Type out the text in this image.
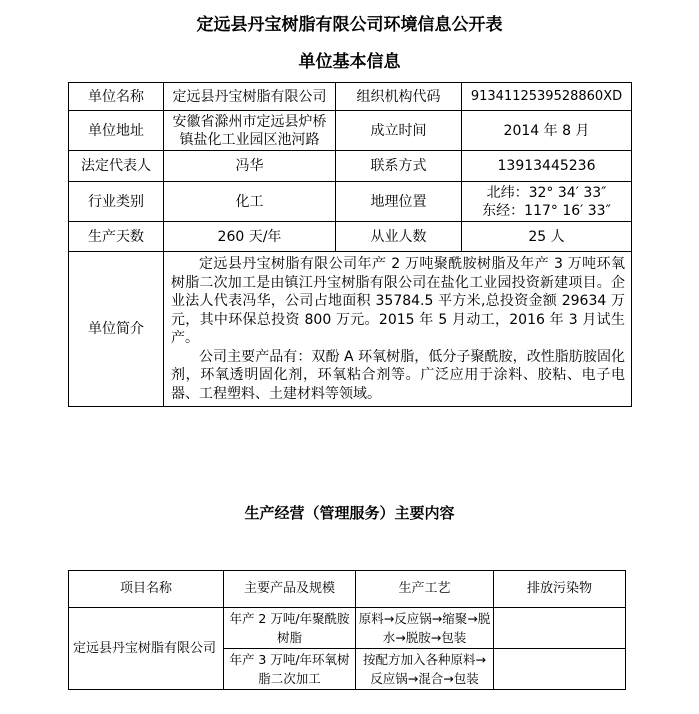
定远县丹宝树脂有限公司环境信息公开表
单位基本信息
单位名称	定远县丹宝树脂有限公司	组织机构代码	9134112539528860XD
单位地址	安徽省滁州市定远县炉桥镇盐化工业园区池河路	成立时间	2014 年 8 月
法定代表人	冯华	联系方式	13913445236
行业类别	化工	地理位置	北纬：32° 34′ 33″
东经：117° 16′ 33″

生产天数	260 天/年	从业人数	25 人
单位简介	定远县丹宝树脂有限公司年产 2 万吨聚酰胺树脂及年产 3 万吨环氧树脂二次加工是由镇江丹宝树脂有限公司在盐化工业园投资新建项目。企业法人代表冯华，公司占地面积 35784.5 平方米,总投资金额 29634 万元，其中环保总投资 800 万元。2015 年 5 月动工，2016 年 3 月试生产。
公司主要产品有：双酚 A 环氧树脂，低分子聚酰胺，改性脂肪胺固化剂，环氧透明固化剂，环氧粘合剂等。广泛应用于涂料、胶粘、电子电器、工程塑料、土建材料等领域。		
生产经营（管理服务）主要内容
项目名称	主要产品及规模	生产工艺	排放污染物
定远县丹宝树脂有限公司	年产 2 万吨/年聚酰胺树脂	原料→反应锅→缩聚→脱水→脱胺→包装	
	年产 3 万吨/年环氧树脂二次加工	按配方加入各种原料→反应锅→混合→包装	
